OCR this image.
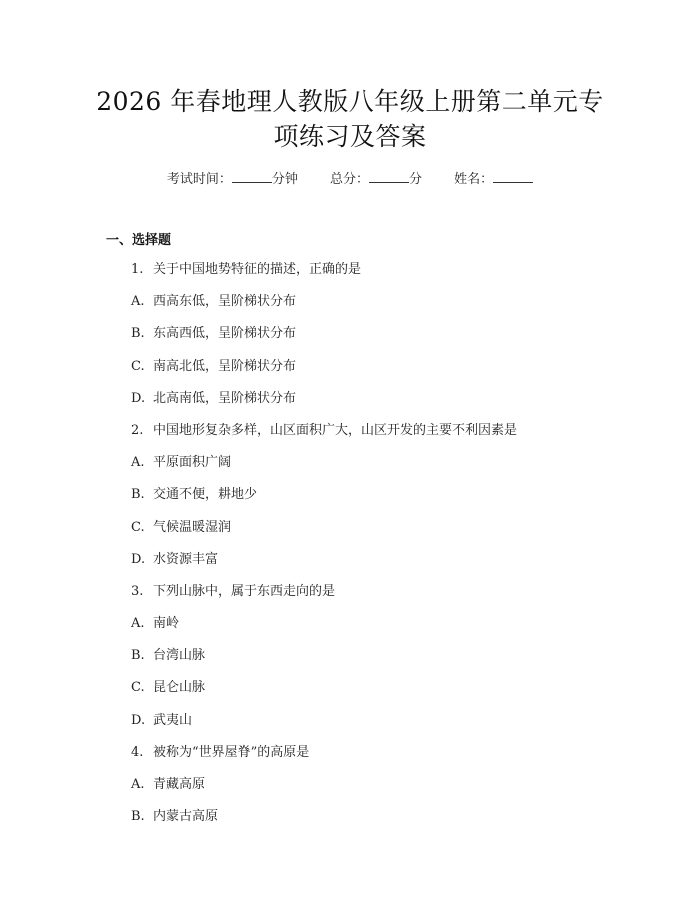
2026 年春地理人教版八年级上册第二单元专
项练习及答案
考试时间：	分钟 总分：	分 姓名：
一、选择题
1. 关于中国地势特征的描述，正确的是
A. 西高东低，呈阶梯状分布
B. 东高西低，呈阶梯状分布
C. 南高北低，呈阶梯状分布
D. 北高南低，呈阶梯状分布
2. 中国地形复杂多样，山区面积广大，山区开发的主要不利因素是
A. 平原面积广阔
B. 交通不便，耕地少
C. 气候温暖湿润
D. 水资源丰富
3. 下列山脉中，属于东西走向的是
A. 南岭
B. 台湾山脉
C. 昆仑山脉
D. 武夷山
4. 被称为“世界屋脊”的高原是
A. 青藏高原
B. 内蒙古高原
